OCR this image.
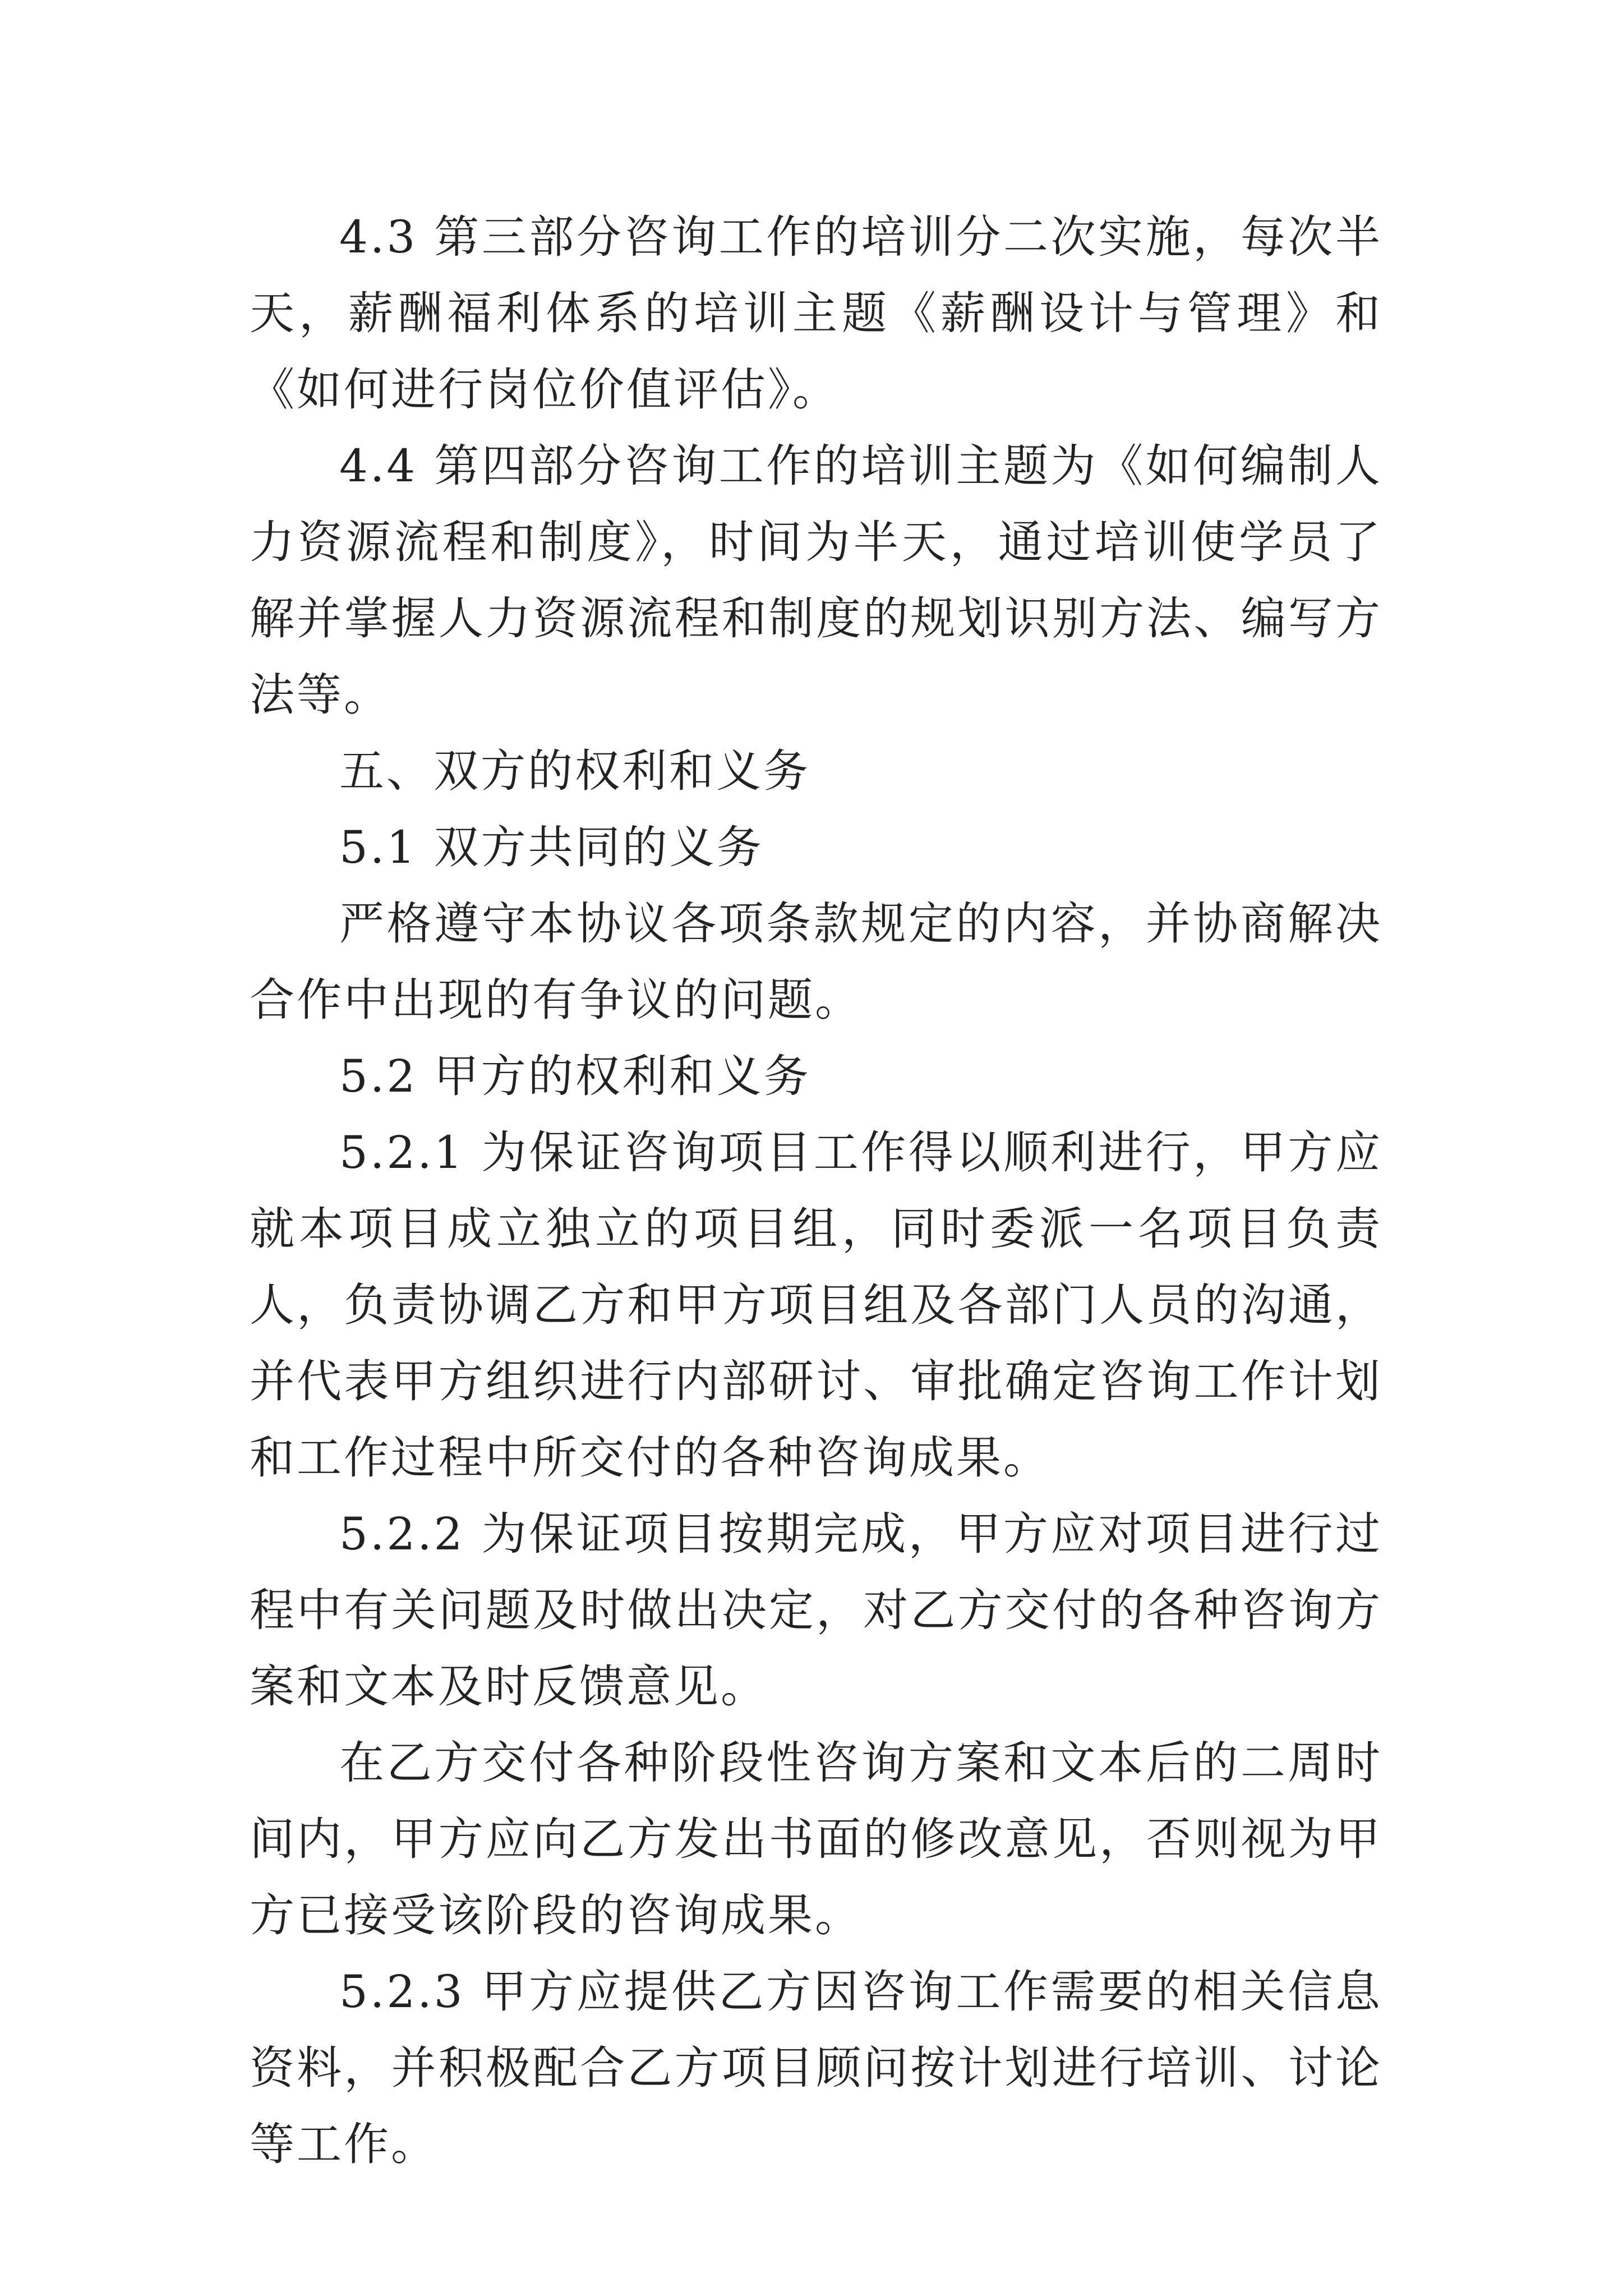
4.3 第三部分咨询工作的培训分二次实施，每次半天，薪酬福利体系的培训主题《薪酬设计与管理》和《如何进行岗位价值评估》。

4.4 第四部分咨询工作的培训主题为《如何编制人力资源流程和制度》，时间为半天，通过培训使学员了解并掌握人力资源流程和制度的规划识别方法、编写方法等。

五、双方的权利和义务

5.1 双方共同的义务

严格遵守本协议各项条款规定的内容，并协商解决合作中出现的有争议的问题。

5.2 甲方的权利和义务

5.2.1 为保证咨询项目工作得以顺利进行，甲方应就本项目成立独立的项目组，同时委派一名项目负责人，负责协调乙方和甲方项目组及各部门人员的沟通，并代表甲方组织进行内部研讨、审批确定咨询工作计划和工作过程中所交付的各种咨询成果。

5.2.2 为保证项目按期完成，甲方应对项目进行过程中有关问题及时做出决定，对乙方交付的各种咨询方案和文本及时反馈意见。

在乙方交付各种阶段性咨询方案和文本后的二周时间内，甲方应向乙方发出书面的修改意见，否则视为甲方已接受该阶段的咨询成果。

5.2.3 甲方应提供乙方因咨询工作需要的相关信息资料，并积极配合乙方项目顾问按计划进行培训、讨论等工作。
